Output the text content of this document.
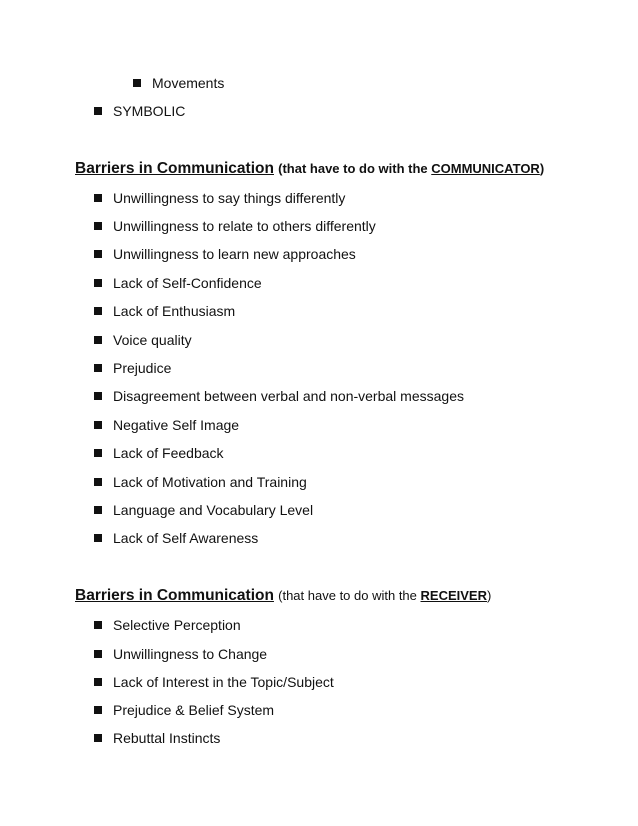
Movements
SYMBOLIC
Barriers in Communication (that have to do with the COMMUNICATOR)
Unwillingness to say things differently
Unwillingness to relate to others differently
Unwillingness to learn new approaches
Lack of Self-Confidence
Lack of Enthusiasm
Voice quality
Prejudice
Disagreement between verbal and non-verbal messages
Negative Self Image
Lack of Feedback
Lack of Motivation and Training
Language and Vocabulary Level
Lack of Self Awareness
Barriers in Communication (that have to do with the RECEIVER)
Selective Perception
Unwillingness to Change
Lack of Interest in the Topic/Subject
Prejudice & Belief System
Rebuttal Instincts
